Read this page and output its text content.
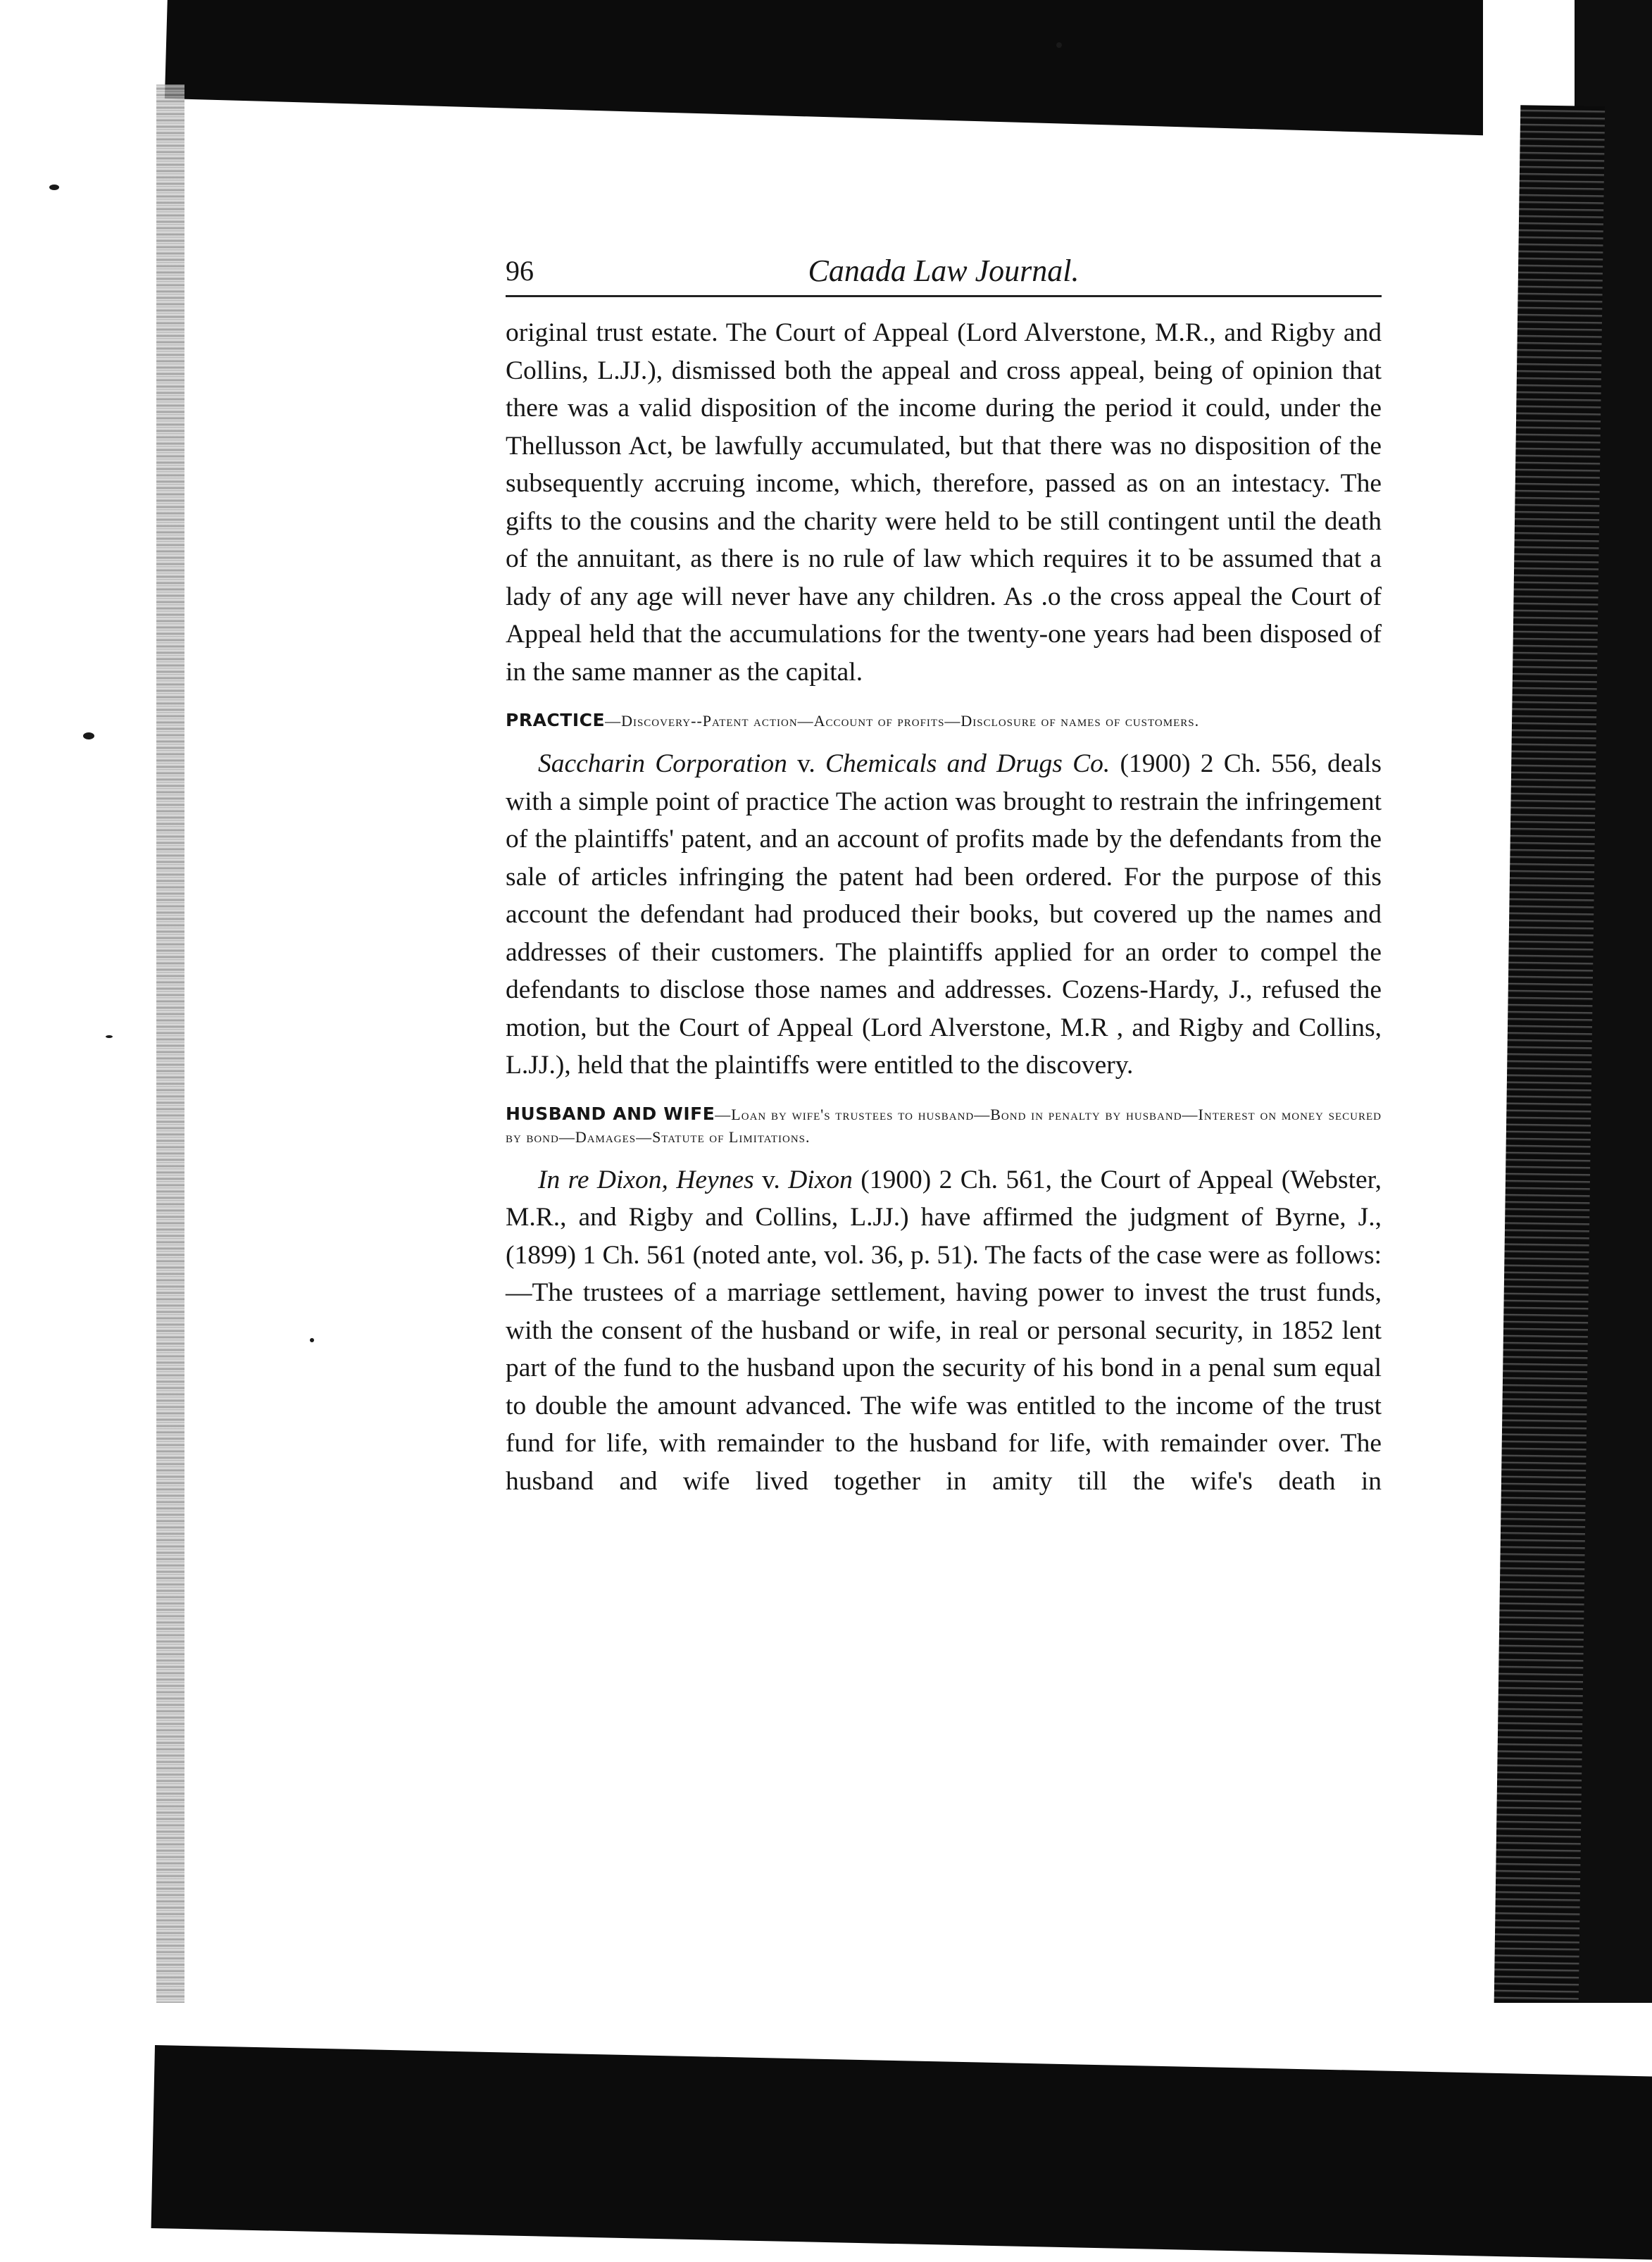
96	Canada Law Journal.

original trust estate. The Court of Appeal (Lord Alverstone, M.R., and Rigby and Collins, L.JJ.), dismissed both the appeal and cross appeal, being of opinion that there was a valid disposition of the income during the period it could, under the Thellusson Act, be lawfully accumulated, but that there was no disposition of the subsequently accruing income, which, therefore, passed as on an intestacy. The gifts to the cousins and the charity were held to be still contingent until the death of the annuitant, as there is no rule of law which requires it to be assumed that a lady of any age will never have any children. As .o the cross appeal the Court of Appeal held that the accumulations for the twenty-one years had been disposed of in the same manner as the capital.

PRACTICE—Discovery--Patent action—Account of profits—Disclosure of names of customers.

Saccharin Corporation v. Chemicals and Drugs Co. (1900) 2 Ch. 556, deals with a simple point of practice The action was brought to restrain the infringement of the plaintiffs' patent, and an account of profits made by the defendants from the sale of articles infringing the patent had been ordered. For the purpose of this account the defendant had produced their books, but covered up the names and addresses of their customers. The plaintiffs applied for an order to compel the defendants to disclose those names and addresses. Cozens-Hardy, J., refused the motion, but the Court of Appeal (Lord Alverstone, M.R , and Rigby and Collins, L.JJ.), held that the plaintiffs were entitled to the discovery.

HUSBAND AND WIFE—Loan by wife's trustees to husband—Bond in penalty by husband—Interest on money secured by bond—Damages—Statute of Limitations.

In re Dixon, Heynes v. Dixon (1900) 2 Ch. 561, the Court of Appeal (Webster, M.R., and Rigby and Collins, L.JJ.) have affirmed the judgment of Byrne, J., (1899) 1 Ch. 561 (noted ante, vol. 36, p. 51). The facts of the case were as follows:—The trustees of a marriage settlement, having power to invest the trust funds, with the consent of the husband or wife, in real or personal security, in 1852 lent part of the fund to the husband upon the security of his bond in a penal sum equal to double the amount advanced. The wife was entitled to the income of the trust fund for life, with remainder to the husband for life, with remainder over. The husband and wife lived together in amity till the wife's death in
